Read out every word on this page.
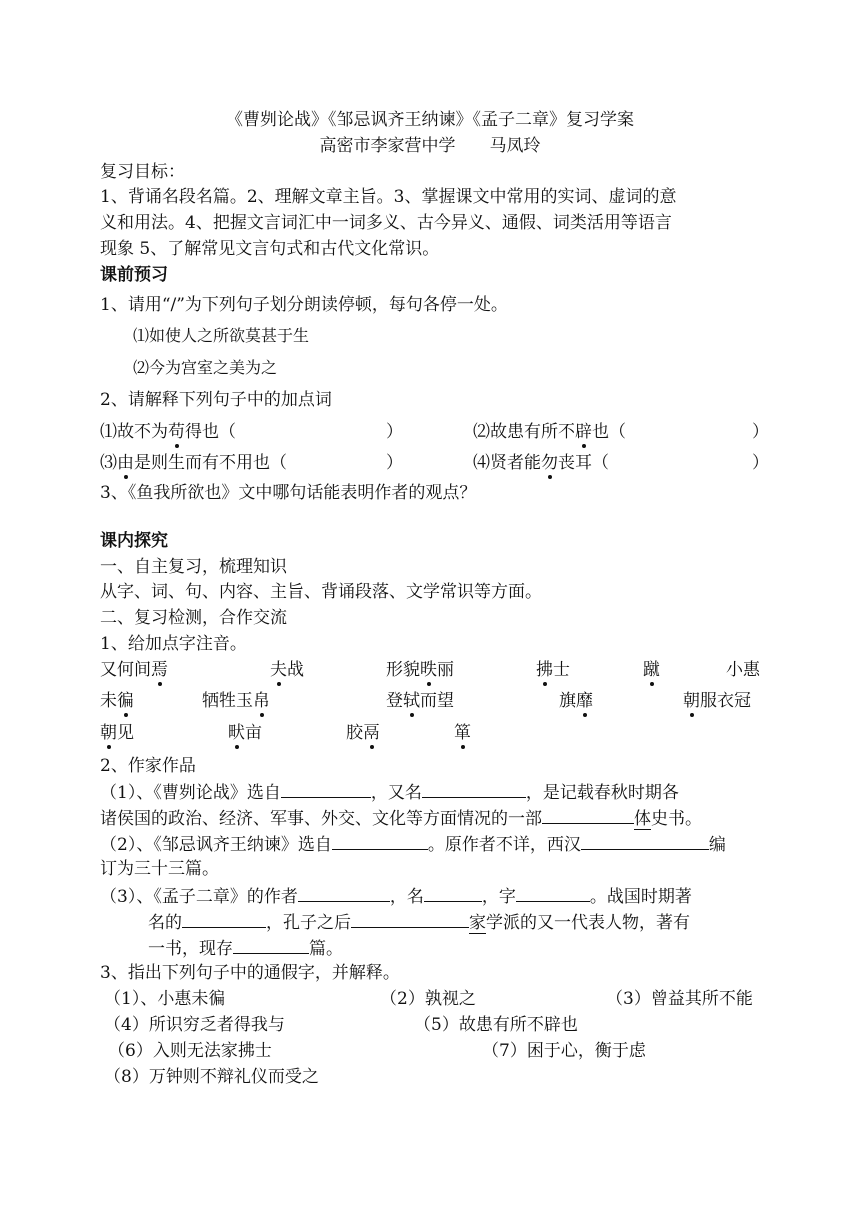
《曹刿论战》《邹忌讽齐王纳谏》《孟子二章》复习学案
高密市李家营中学　　马凤玲
复习目标：
1、背诵名段名篇。2、理解文章主旨。3、掌握课文中常用的实词、虚词的意
义和用法。4、把握文言词汇中一词多义、古今异义、通假、词类活用等语言
现象 5、了解常见文言句式和古代文化常识。
课前预习
1、请用“/”为下列句子划分朗读停顿，每句各停一处。
⑴如使人之所欲莫甚于生
⑵今为宫室之美为之
2、请解释下列句子中的加点词
⑴故不为苟得也（	）	⑵故患有所不辟也（	）
⑶由是则生而有不用也（	）	⑷贤者能勿丧耳（	）
3、《鱼我所欲也》文中哪句话能表明作者的观点？
课内探究
一、自主复习，梳理知识
从字、词、句、内容、主旨、背诵段落、文学常识等方面。
二、复习检测，合作交流
1、给加点字注音。
又何间焉	夫战	形貌昳丽	拂士	蹴	小惠
未徧	牺牲玉帛	登轼而望	旗靡	朝服衣冠
朝见	畎亩	胶鬲	箪
2、作家作品
（1）、《曹刿论战》选自	，又名	，是记载春秋时期各
诸侯国的政治、经济、军事、外交、文化等方面情况的一部	体史书。
（2）、《邹忌讽齐王纳谏》选自	。原作者不详，西汉	编
订为三十三篇。
（3）、《孟子二章》的作者	，名	，字	。战国时期著
名的	，孔子之后	家学派的又一代表人物，著有
一书，现存	篇。
3、指出下列句子中的通假字，并解释。
（1）、小惠未徧	（2）孰视之	（3）曾益其所不能
（4）所识穷乏者得我与	（5）故患有所不辟也
（6）入则无法家拂士	（7）困于心，衡于虑
（8）万钟则不辩礼仪而受之
